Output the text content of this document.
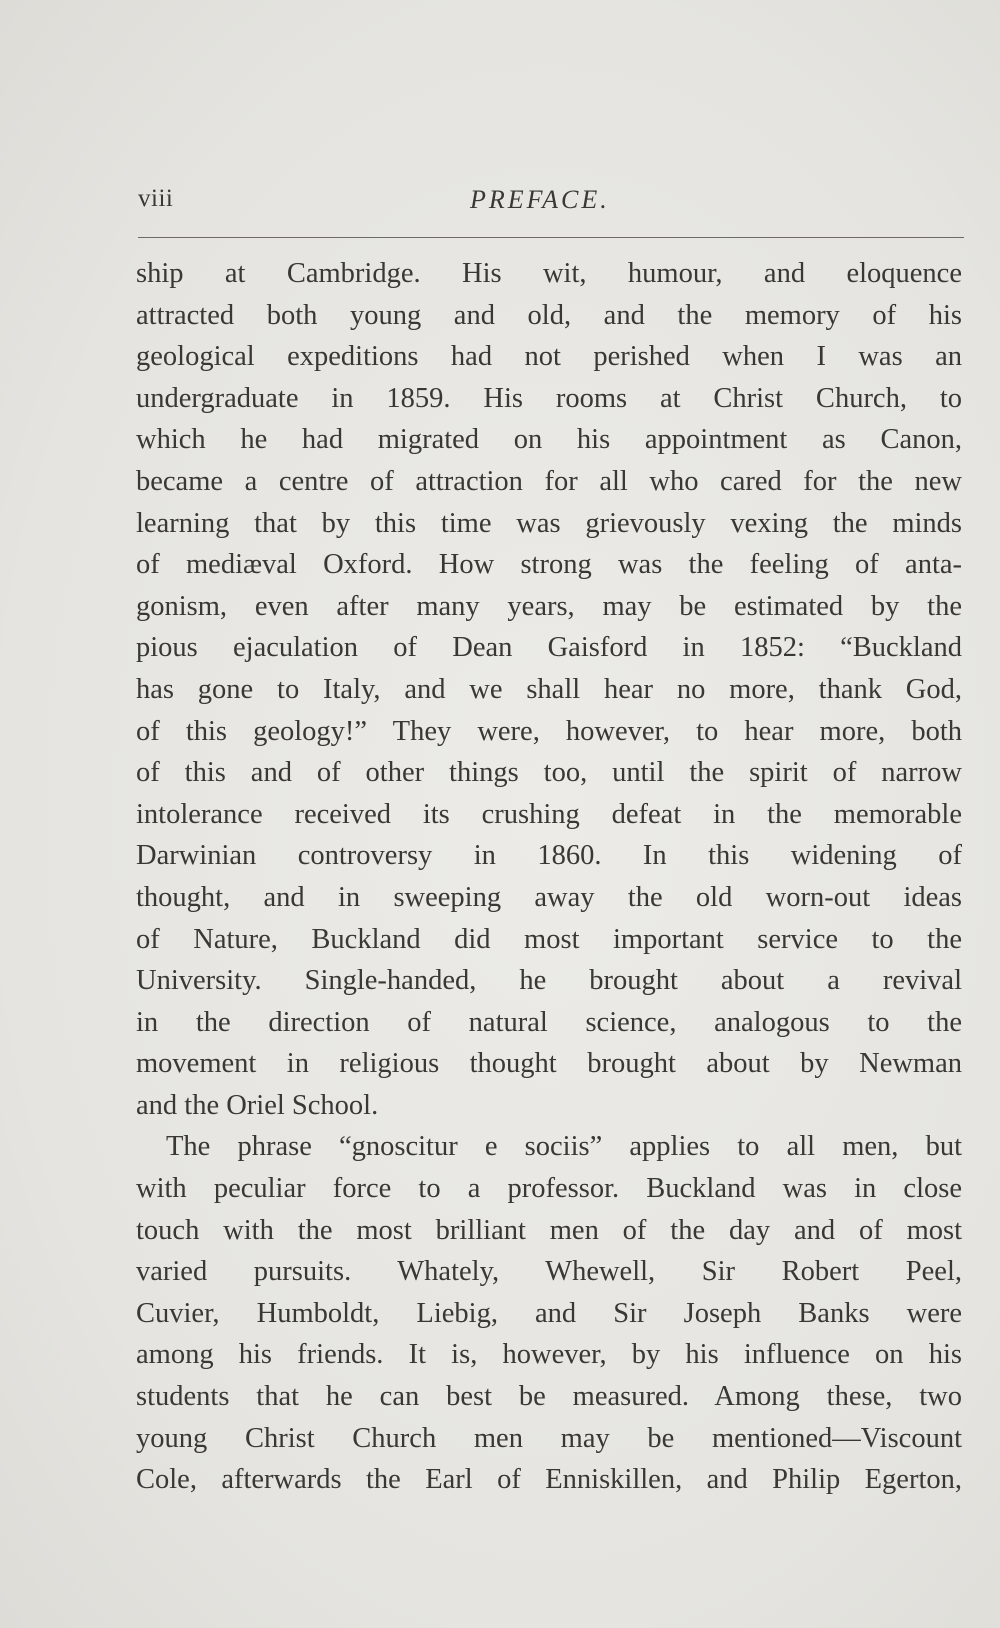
viii	PREFACE.
ship at Cambridge. His wit, humour, and eloquence
attracted both young and old, and the memory of his
geological expeditions had not perished when I was an
undergraduate in 1859. His rooms at Christ Church, to
which he had migrated on his appointment as Canon,
became a centre of attraction for all who cared for the new
learning that by this time was grievously vexing the minds
of mediæval Oxford. How strong was the feeling of anta-
gonism, even after many years, may be estimated by the
pious ejaculation of Dean Gaisford in 1852: “Buckland
has gone to Italy, and we shall hear no more, thank God,
of this geology!” They were, however, to hear more, both
of this and of other things too, until the spirit of narrow
intolerance received its crushing defeat in the memorable
Darwinian controversy in 1860. In this widening of
thought, and in sweeping away the old worn-out ideas
of Nature, Buckland did most important service to the
University. Single-handed, he brought about a revival
in the direction of natural science, analogous to the
movement in religious thought brought about by Newman
and the Oriel School.
The phrase “gnoscitur e sociis” applies to all men, but
with peculiar force to a professor. Buckland was in close
touch with the most brilliant men of the day and of most
varied pursuits. Whately, Whewell, Sir Robert Peel,
Cuvier, Humboldt, Liebig, and Sir Joseph Banks were
among his friends. It is, however, by his influence on his
students that he can best be measured. Among these, two
young Christ Church men may be mentioned—Viscount
Cole, afterwards the Earl of Enniskillen, and Philip Egerton,
